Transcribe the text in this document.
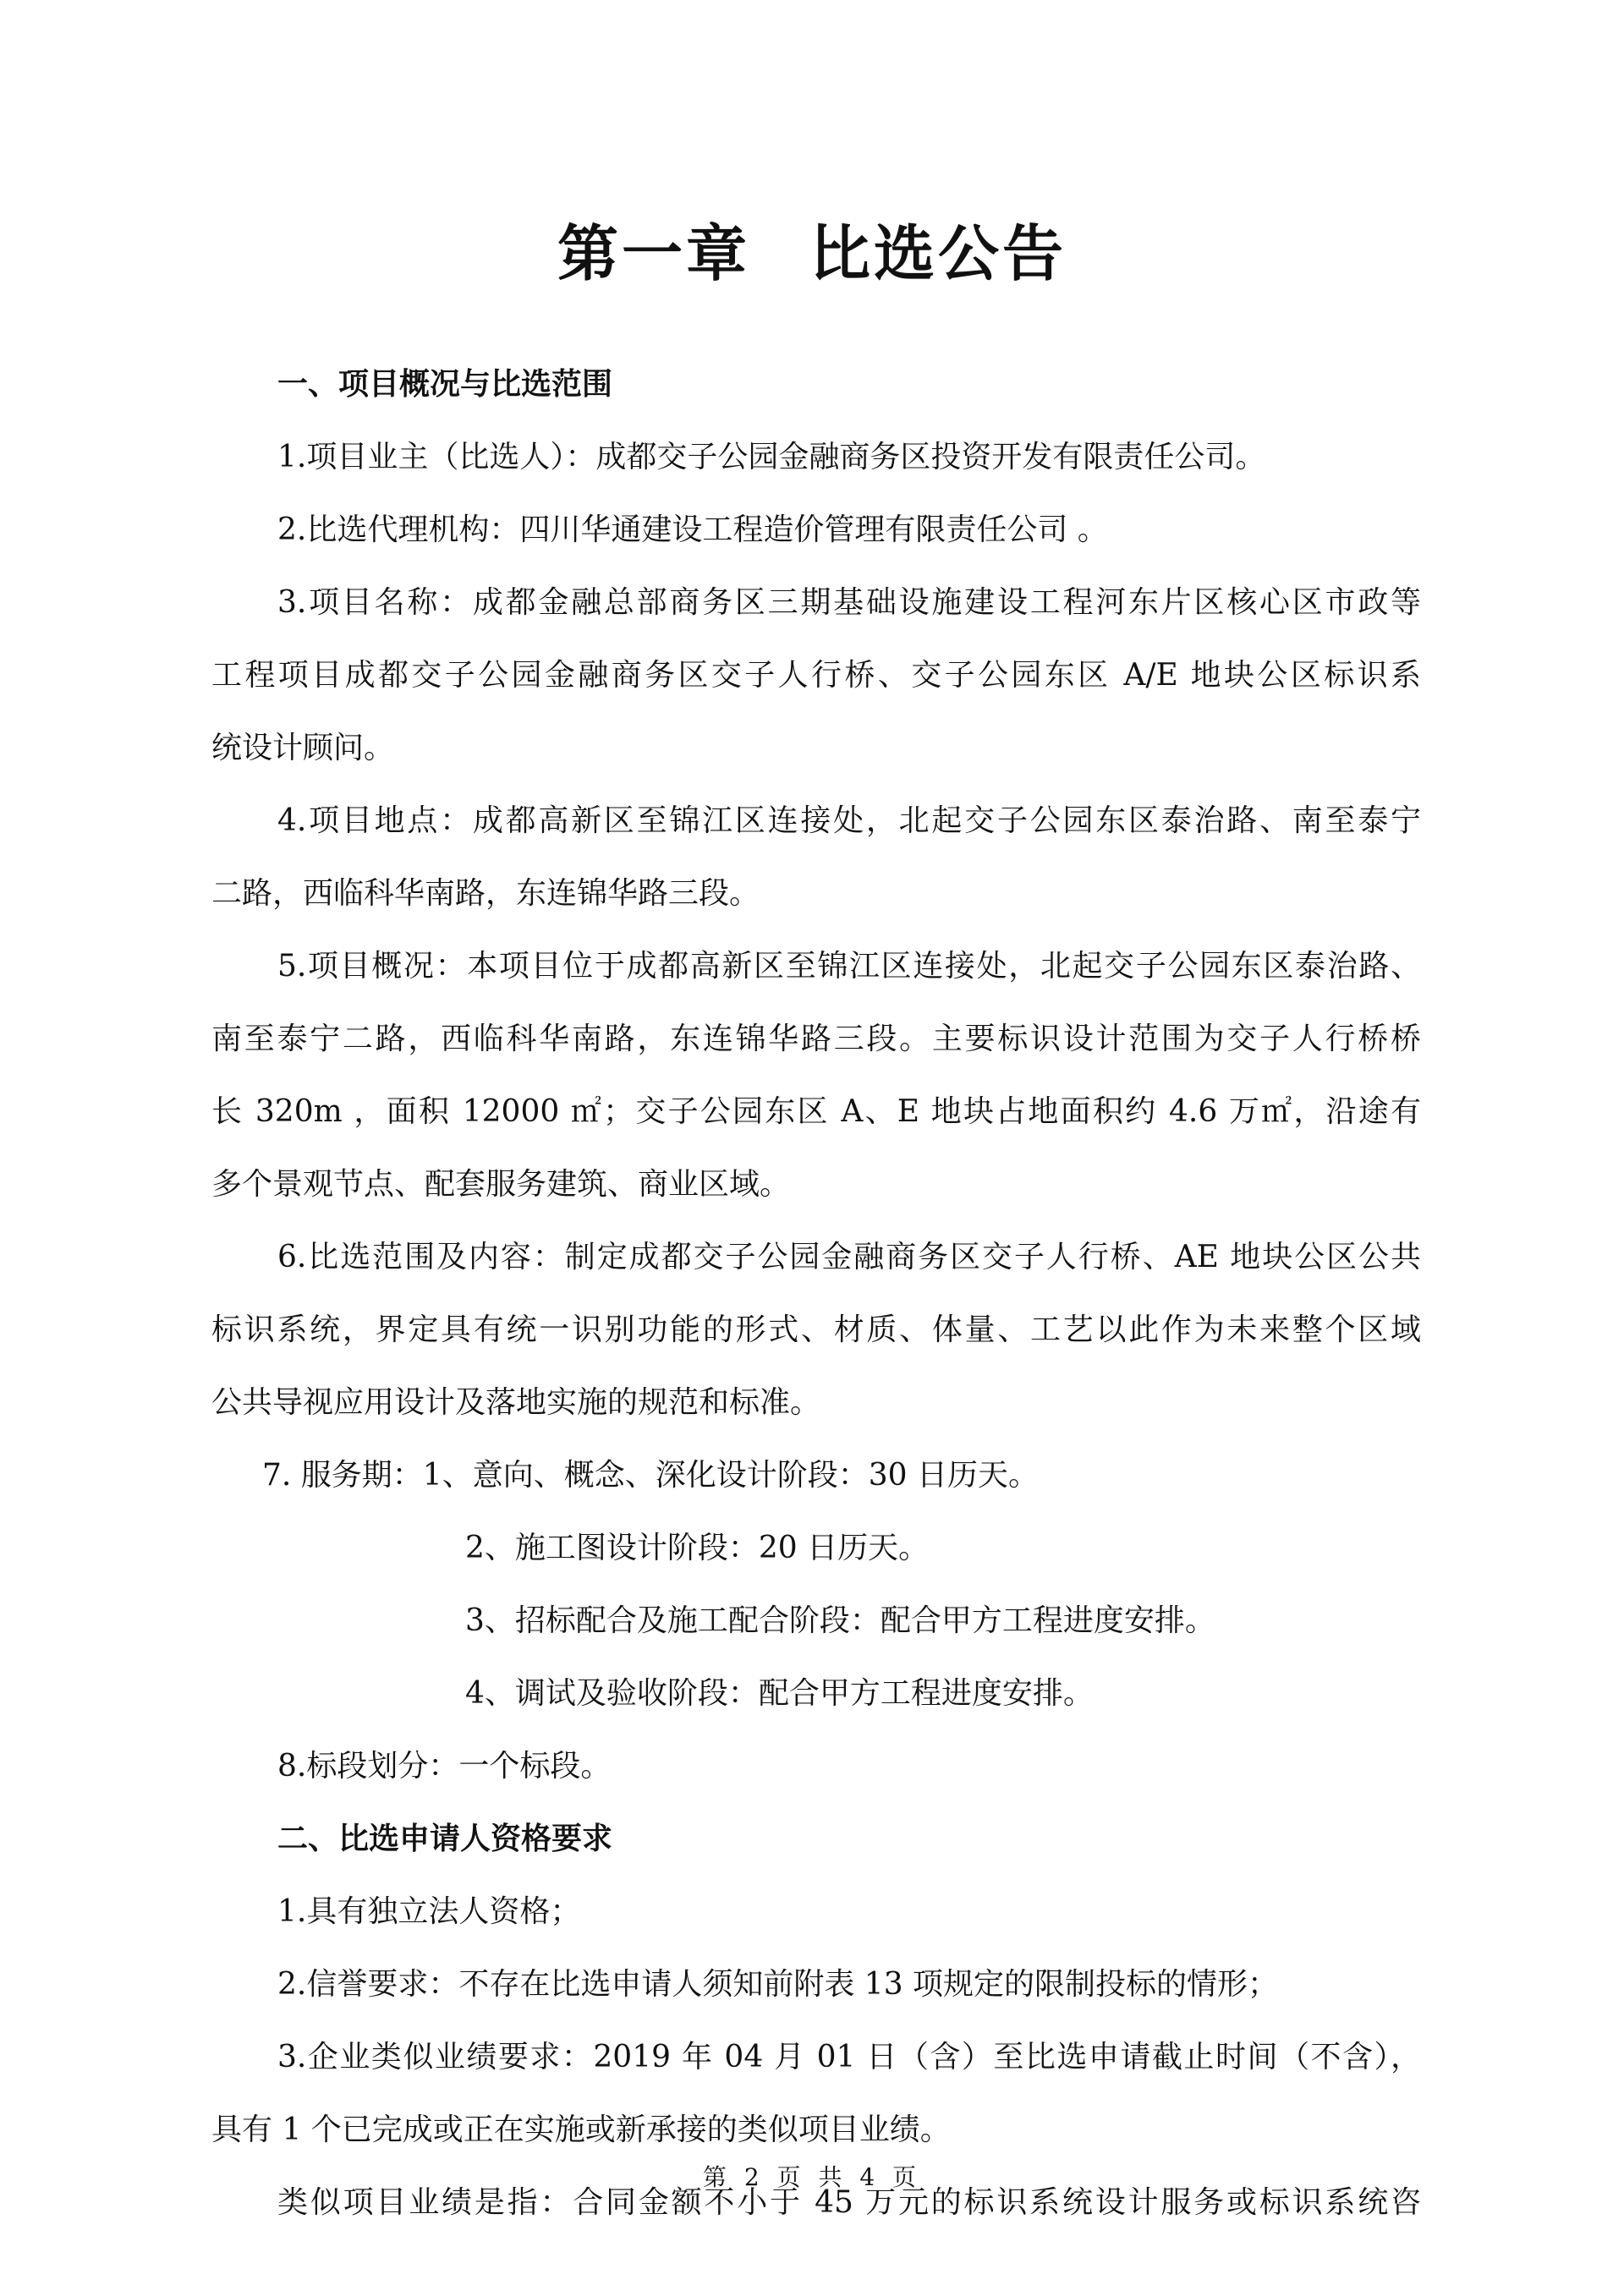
第一章 比选公告
一、项目概况与比选范围
1.项目业主（比选人）：成都交子公园金融商务区投资开发有限责任公司。
2.比选代理机构：四川华通建设工程造价管理有限责任公司 。
3.项目名称：成都金融总部商务区三期基础设施建设工程河东片区核心区市政等
工程项目成都交子公园金融商务区交子人行桥、交子公园东区 A/E 地块公区标识系
统设计顾问。
4.项目地点：成都高新区至锦江区连接处，北起交子公园东区泰治路、南至泰宁
二路，西临科华南路，东连锦华路三段。
5.项目概况：本项目位于成都高新区至锦江区连接处，北起交子公园东区泰治路、
南至泰宁二路，西临科华南路，东连锦华路三段。主要标识设计范围为交子人行桥桥
长 320m ，面积 12000 ㎡；交子公园东区 A、E 地块占地面积约 4.6 万㎡，沿途有
多个景观节点、配套服务建筑、商业区域。
6.比选范围及内容：制定成都交子公园金融商务区交子人行桥、AE 地块公区公共
标识系统，界定具有统一识别功能的形式、材质、体量、工艺以此作为未来整个区域
公共导视应用设计及落地实施的规范和标准。
7. 服务期：1、意向、概念、深化设计阶段：30 日历天。
2、施工图设计阶段：20 日历天。
3、招标配合及施工配合阶段：配合甲方工程进度安排。
4、调试及验收阶段：配合甲方工程进度安排。
8.标段划分：一个标段。
二、比选申请人资格要求
1.具有独立法人资格；
2.信誉要求：不存在比选申请人须知前附表 13 项规定的限制投标的情形；
3.企业类似业绩要求：2019 年 04 月 01 日（含）至比选申请截止时间（不含），
具有 1 个已完成或正在实施或新承接的类似项目业绩。
类似项目业绩是指：合同金额不小于 45 万元的标识系统设计服务或标识系统咨
第 2 页 共 4 页
